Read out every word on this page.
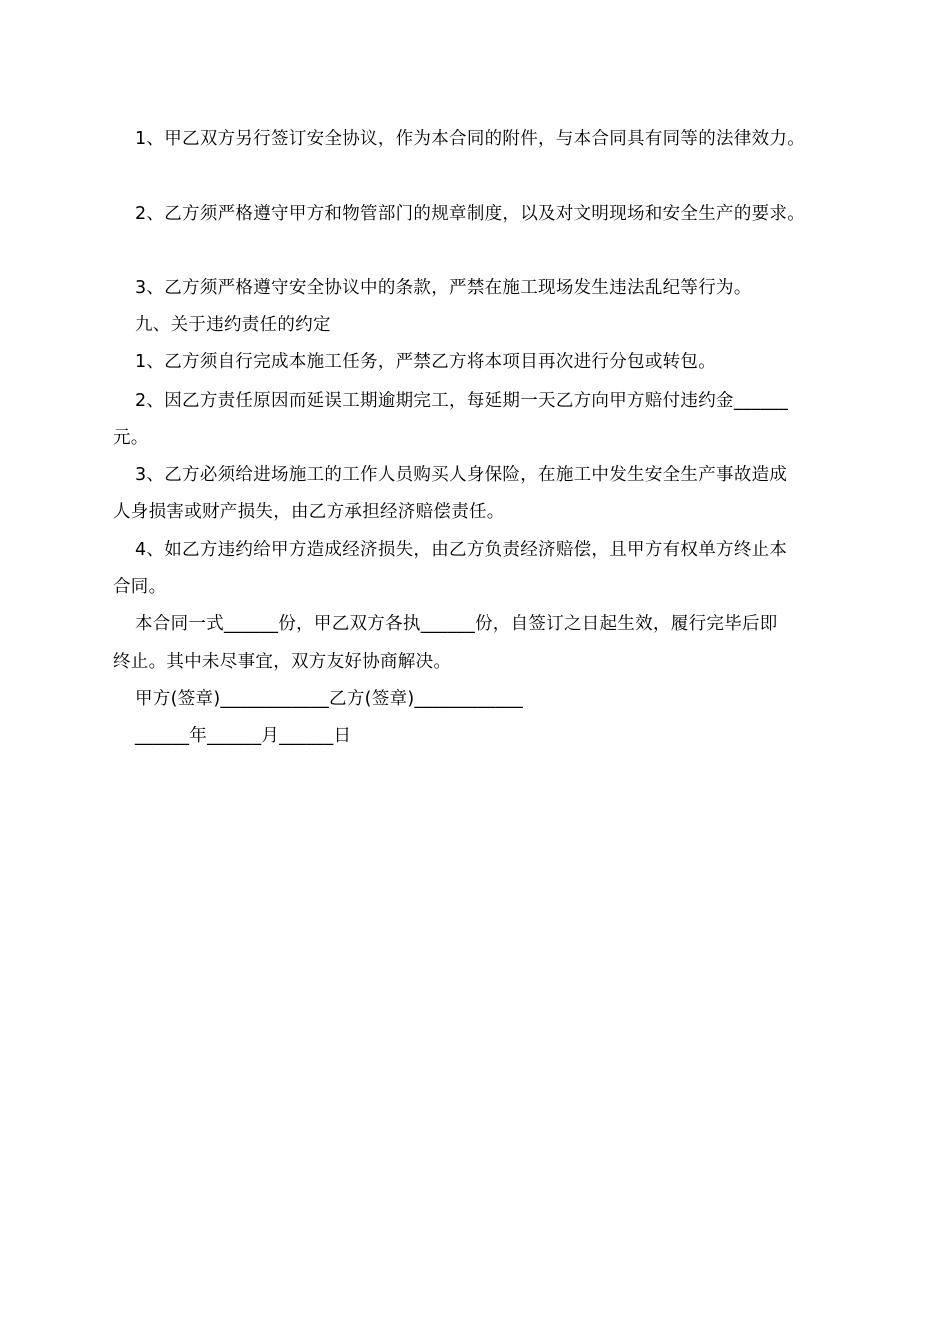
1、甲乙双方另行签订安全协议，作为本合同的附件，与本合同具有同等的法律效力。
2、乙方须严格遵守甲方和物管部门的规章制度，以及对文明现场和安全生产的要求。
3、乙方须严格遵守安全协议中的条款，严禁在施工现场发生违法乱纪等行为。
九、关于违约责任的约定
1、乙方须自行完成本施工任务，严禁乙方将本项目再次进行分包或转包。
2、因乙方责任原因而延误工期逾期完工，每延期一天乙方向甲方赔付违约金______
元。
3、乙方必须给进场施工的工作人员购买人身保险，在施工中发生安全生产事故造成
人身损害或财产损失，由乙方承担经济赔偿责任。
4、如乙方违约给甲方造成经济损失，由乙方负责经济赔偿，且甲方有权单方终止本
合同。
本合同一式______份，甲乙双方各执______份，自签订之日起生效，履行完毕后即
终止。其中未尽事宜，双方友好协商解决。
甲方(签章)____________乙方(签章)____________
______年______月______日
